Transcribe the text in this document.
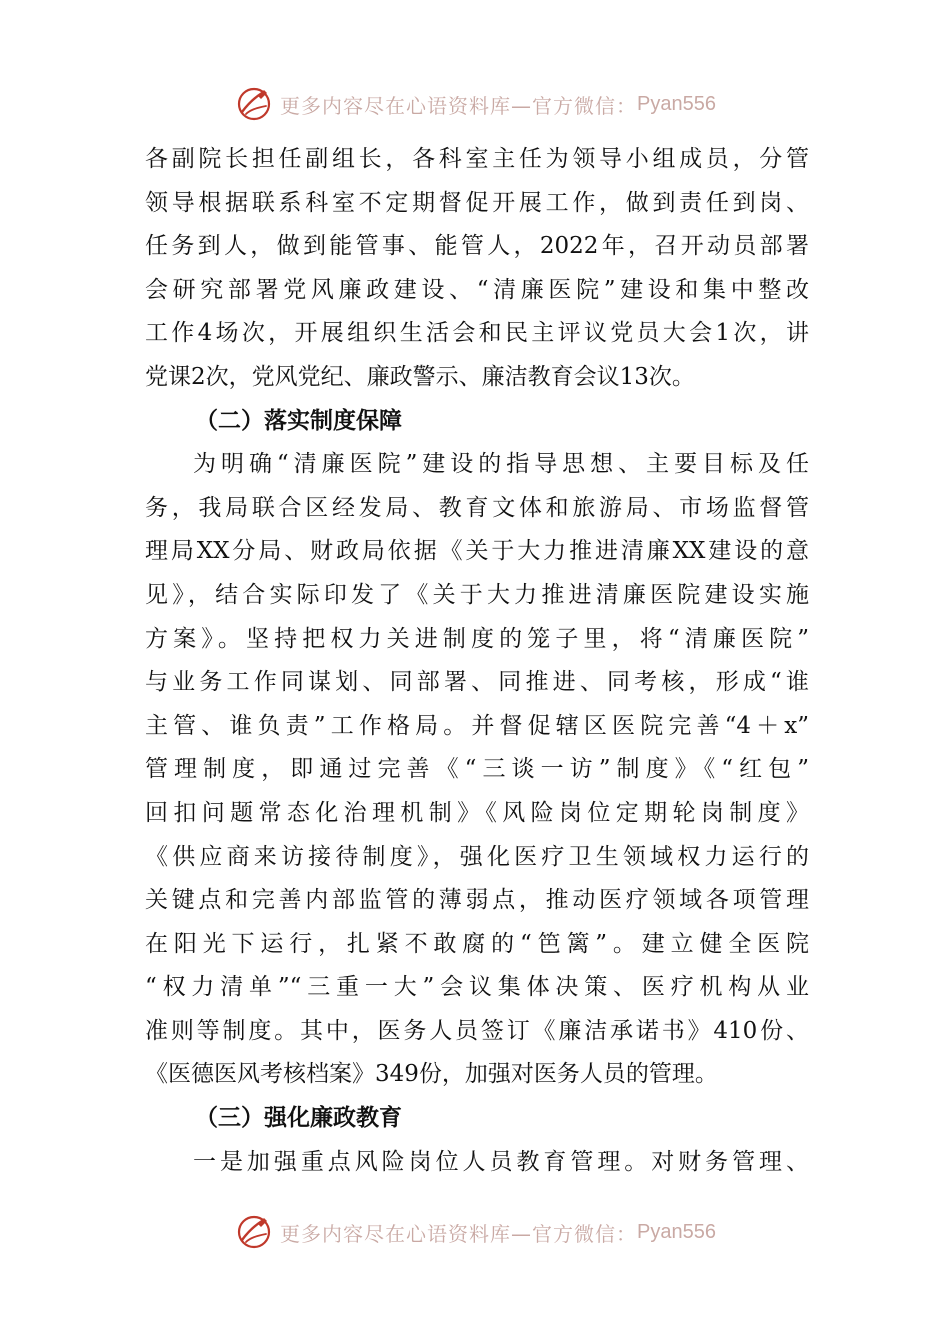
更多内容尽在心语资料库—官方微信： Pyan556
各副院长担任副组长，各科室主任为领导小组成员，分管
领导根据联系科室不定期督促开展工作，做到责任到岗、
任务到人，做到能管事、能管人，2022年，召开动员部署
会研究部署党风廉政建设、“清廉医院”建设和集中整改
工作4场次，开展组织生活会和民主评议党员大会1次，讲
党课2次，党风党纪、廉政警示、廉洁教育会议13次。
（二）落实制度保障
为明确“清廉医院”建设的指导思想、主要目标及任
务，我局联合区经发局、教育文体和旅游局、市场监督管
理局XX分局、财政局依据《关于大力推进清廉XX建设的意
见》，结合实际印发了《关于大力推进清廉医院建设实施
方案》。坚持把权力关进制度的笼子里，将“清廉医院”
与业务工作同谋划、同部署、同推进、同考核，形成“谁
主管、谁负责”工作格局。并督促辖区医院完善“4＋x”
管理制度，即通过完善《“三谈一访”制度》《“红包”
回扣问题常态化治理机制》《风险岗位定期轮岗制度》
《供应商来访接待制度》，强化医疗卫生领域权力运行的
关键点和完善内部监管的薄弱点，推动医疗领域各项管理
在阳光下运行，扎紧不敢腐的“笆篱”。建立健全医院
“权力清单”“三重一大”会议集体决策、医疗机构从业
准则等制度。其中，医务人员签订《廉洁承诺书》410份、
《医德医风考核档案》349份，加强对医务人员的管理。
（三）强化廉政教育
一是加强重点风险岗位人员教育管理。对财务管理、
更多内容尽在心语资料库—官方微信： Pyan556
